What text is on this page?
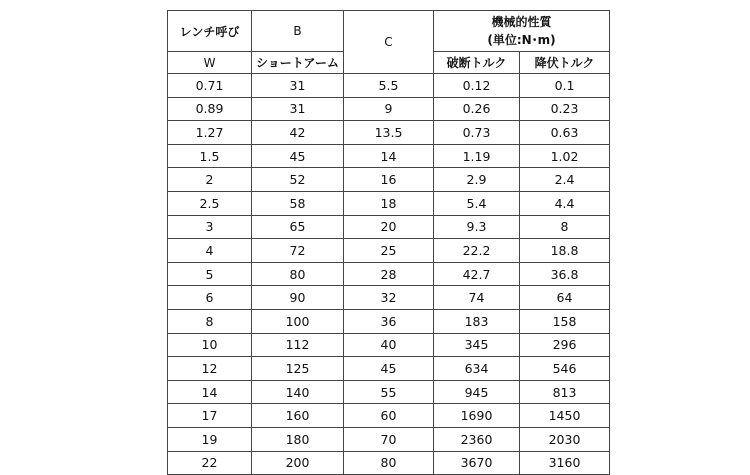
レンチ呼び	B	C	機械的性質
(単位:N･m)	

W	ショートアーム		破断トルク	降伏トルク
0.71	31	5.5	0.12	0.1
0.89	31	9	0.26	0.23
1.27	42	13.5	0.73	0.63
1.5	45	14	1.19	1.02
2	52	16	2.9	2.4
2.5	58	18	5.4	4.4
3	65	20	9.3	8
4	72	25	22.2	18.8
5	80	28	42.7	36.8
6	90	32	74	64
8	100	36	183	158
10	112	40	345	296
12	125	45	634	546
14	140	55	945	813
17	160	60	1690	1450
19	180	70	2360	2030
22	200	80	3670	3160
